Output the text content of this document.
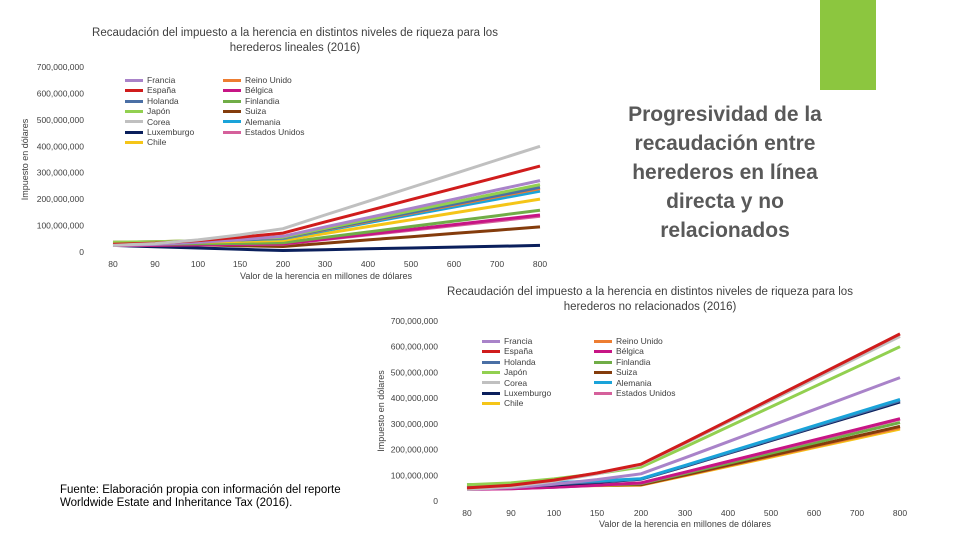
Recaudación del impuesto a la herencia en distintos niveles de riqueza para los herederos lineales (2016)
Recaudación del impuesto a la herencia en distintos niveles de riqueza para los herederos no relacionados (2016)
Progresividad de la recaudación entre herederos en línea directa y no relacionados
Fuente: Elaboración propia con información del reporte Worldwide Estate and Inheritance Tax (2016).
0
100,000,000
200,000,000
300,000,000
400,000,000
500,000,000
600,000,000
700,000,000
80	90	100	150	200	300	400	500	600	700	800
Valor de la herencia en millones de dólares
Impuesto en dólares
0
100,000,000
200,000,000
300,000,000
400,000,000
500,000,000
600,000,000
700,000,000
80	90	100	150	200	300	400	500	600	700	800
Valor de la herencia en millones de dólares
Impuesto en dólares
Francia
España
Holanda
Japón
Corea
Luxemburgo
Chile
Reino Unido
Bélgica
Finlandia
Suiza
Alemania
Estados Unidos
Francia
España
Holanda
Japón
Corea
Luxemburgo
Chile
Reino Unido
Bélgica
Finlandia
Suiza
Alemania
Estados Unidos
